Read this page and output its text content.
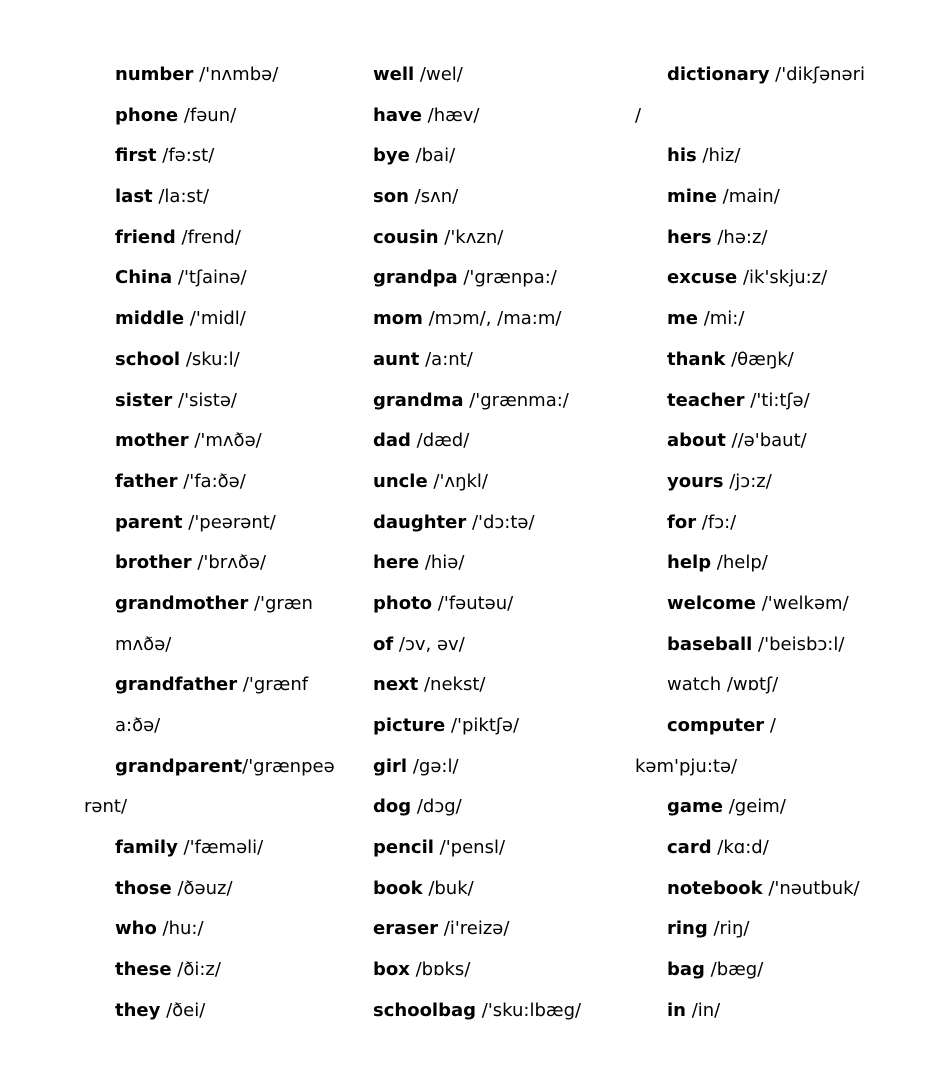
number /'nʌmbə/
phone /fəun/
first /fə:st/
last /la:st/
friend /frend/
China /'tʃainə/
middle /'midl/
school /sku:l/
sister /'sistə/
mother /'mʌðə/
father /'fa:ðə/
parent /'peərənt/
brother /'brʌðə/
grandmother /'græn
mʌðə/
grandfather /'grænf
a:ðə/
grandparent/'grænpeə
rənt/
family /'fæməli/
those /ðəuz/
who /hu:/
these /ði:z/
they /ðei/
well /wel/
have /hæv/
bye /bai/
son /sʌn/
cousin /'kʌzn/
grandpa /'grænpa:/
mom /mɔm/, /ma:m/
aunt /a:nt/
grandma /'grænma:/
dad /dæd/
uncle /'ʌŋkl/
daughter /'dɔ:tə/
here /hiə/
photo /'fəutəu/
of /ɔv, əv/
next /nekst/
picture /'piktʃə/
girl /gə:l/
dog /dɔg/
pencil /'pensl/
book /buk/
eraser /i'reizə/
box /bɒks/
schoolbag /'sku:lbæg/
dictionary /'dikʃənəri
/
his /hiz/
mine /main/
hers /hə:z/
excuse /ik'skju:z/
me /mi:/
thank /θæŋk/
teacher /'ti:tʃə/
about //ə'baut/
yours /jɔ:z/
for /fɔ:/
help /help/
welcome /'welkəm/
baseball /'beisbɔ:l/
watch /wɒtʃ/
computer /
kəm'pju:tə/
game /geim/
card /kɑ:d/
notebook /'nəutbuk/
ring /riŋ/
bag /bæg/
in /in/
